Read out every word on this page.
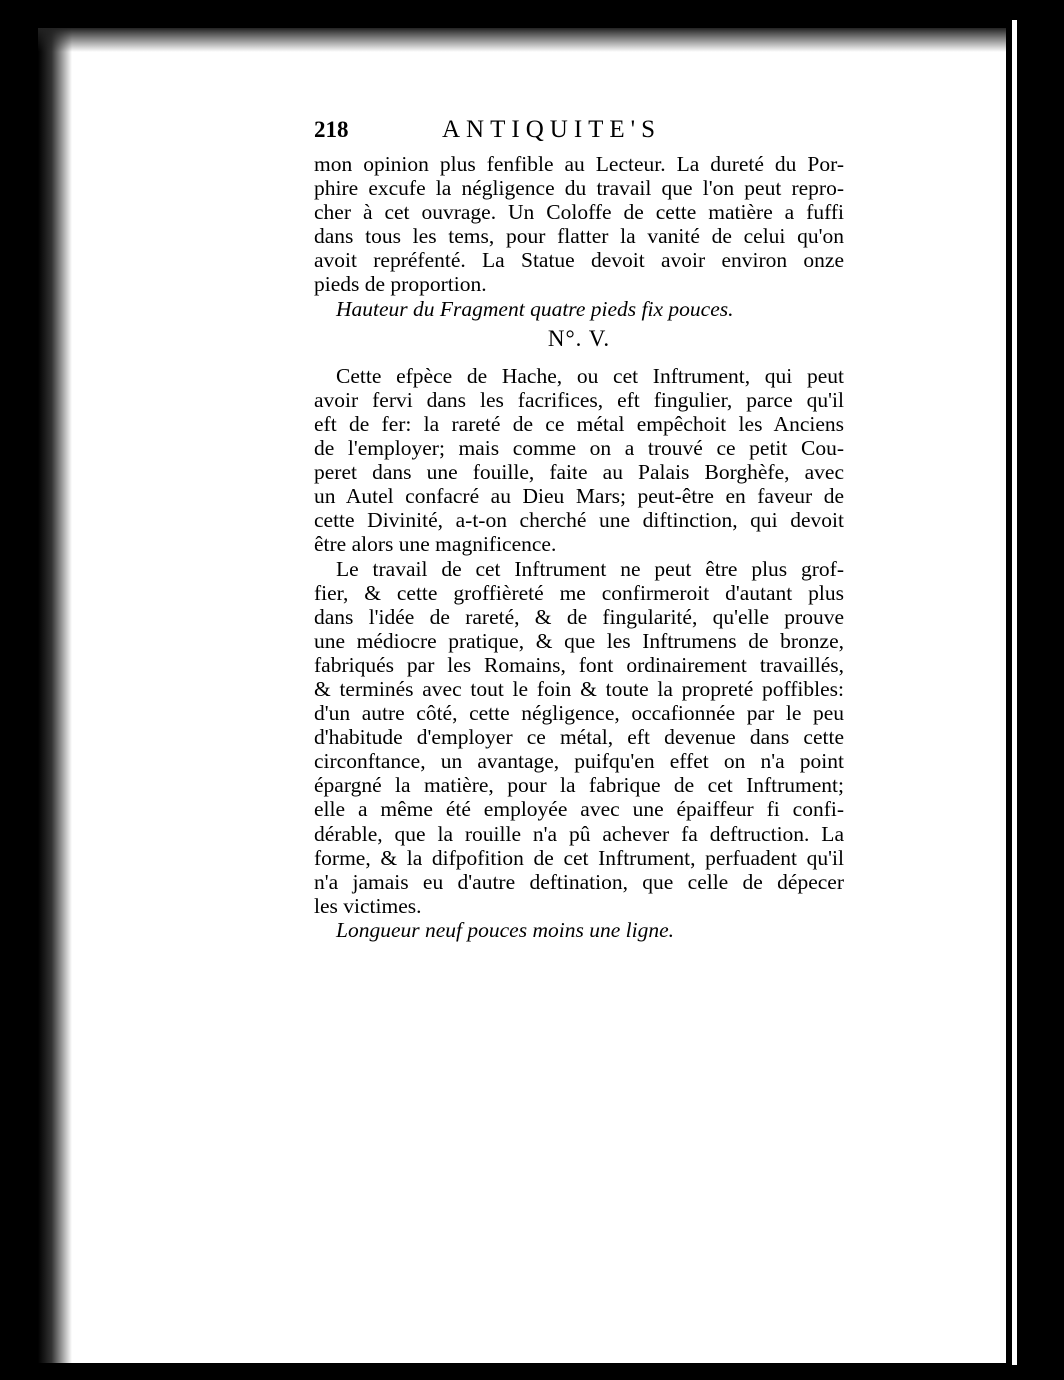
218	ANTIQUITE'S
mon opinion plus fenfible au Lecteur. La dureté du Por-
phire excufe la négligence du travail que l'on peut repro-
cher à cet ouvrage. Un Coloffe de cette matière a fuffi
dans tous les tems, pour flatter la vanité de celui qu'on
avoit repréfenté. La Statue devoit avoir environ onze
pieds de proportion.
Hauteur du Fragment quatre pieds fix pouces.
N°. V.
Cette efpèce de Hache, ou cet Inftrument, qui peut
avoir fervi dans les facrifices, eft fingulier, parce qu'il
eft de fer: la rareté de ce métal empêchoit les Anciens
de l'employer; mais comme on a trouvé ce petit Cou-
peret dans une fouille, faite au Palais Borghèfe, avec
un Autel confacré au Dieu Mars; peut-être en faveur de
cette Divinité, a-t-on cherché une diftinction, qui devoit
être alors une magnificence.
Le travail de cet Inftrument ne peut être plus grof-
fier, & cette groffièreté me confirmeroit d'autant plus
dans l'idée de rareté, & de fingularité, qu'elle prouve
une médiocre pratique, & que les Inftrumens de bronze,
fabriqués par les Romains, font ordinairement travaillés,
& terminés avec tout le foin & toute la propreté poffibles:
d'un autre côté, cette négligence, occafionnée par le peu
d'habitude d'employer ce métal, eft devenue dans cette
circonftance, un avantage, puifqu'en effet on n'a point
épargné la matière, pour la fabrique de cet Inftrument;
elle a même été employée avec une épaiffeur fi confi-
dérable, que la rouille n'a pû achever fa deftruction. La
forme, & la difpofition de cet Inftrument, perfuadent qu'il
n'a jamais eu d'autre deftination, que celle de dépecer
les victimes.
Longueur neuf pouces moins une ligne.
